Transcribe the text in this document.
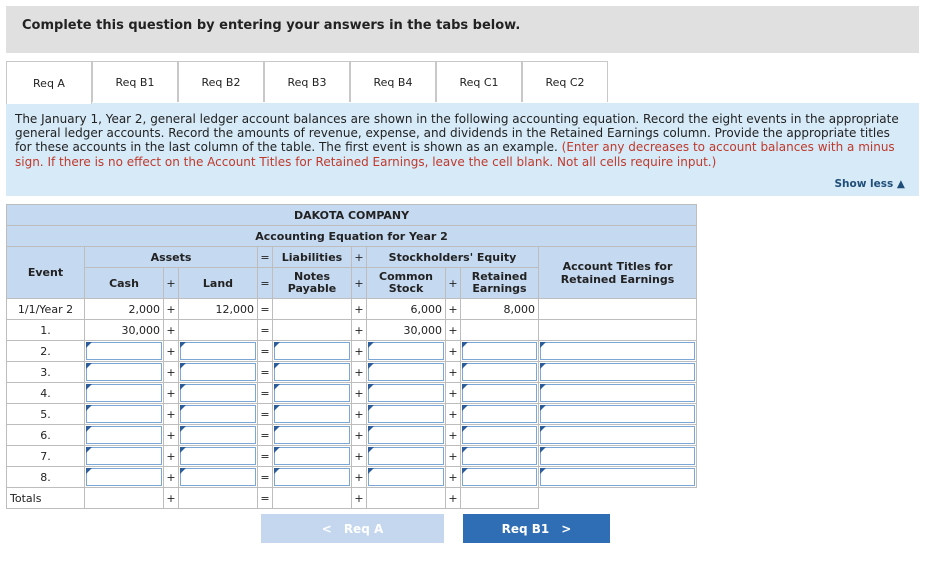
Complete this question by entering your answers in the tabs below.
Req A	Req B1	Req B2	Req B3	Req B4	Req C1	Req C2

The January 1, Year 2, general ledger account balances are shown in the following accounting equation. Record the eight events in the appropriate general ledger accounts. Record the amounts of revenue, expense, and dividends in the Retained Earnings column. Provide the appropriate titles for these accounts in the last column of the table. The first event is shown as an example. (Enter any decreases to account balances with a minus sign. If there is no effect on the Account Titles for Retained Earnings, leave the cell blank. Not all cells require input.)

Show less ▲
DAKOTA COMPANY										
Accounting Equation for Year 2										
Event	Assets			=	Liabilities	+	Stockholders' Equity			Account Titles for Retained Earnings
	Cash	+	Land	=	Notes Payable	+	Common Stock	+	Retained Earnings	
1/1/Year 2	2,000	+	12,000	=		+	6,000	+	8,000	
1.	30,000	+		=		+	30,000	+		
2.		+		=		+		+	

3.		+		=		+		+	

4.		+		=		+		+	

5.		+		=		+		+	

6.		+		=		+		+	

7.		+		=		+		+	

8.		+		=		+		+	

Totals		+		=		+		+		
< Req A	Req B1 >
